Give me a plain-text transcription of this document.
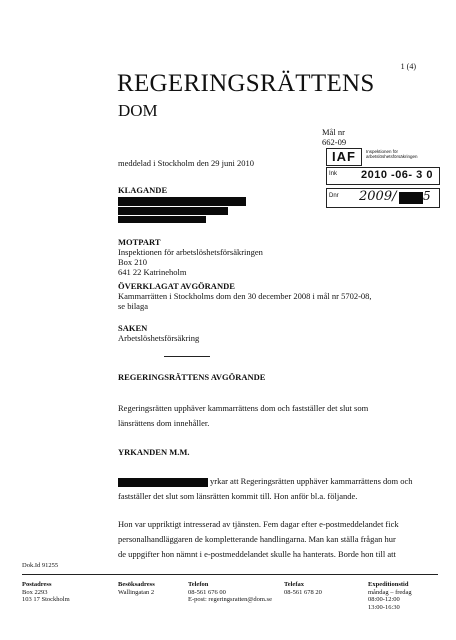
1 (4)
REGERINGSRÄTTENS
DOM
Mål nr
662-09
meddelad i Stockholm den 29 juni 2010	IAF	Inspektionen för arbetslöshetsförsäkringen
Ink 2010 -06- 3 0
Dnr 2009/ 5
KLAGANDE
MOTPART
Inspektionen för arbetslöshetsförsäkringen
Box 210
641 22 Katrineholm
ÖVERKLAGAT AVGÖRANDE
Kammarrätten i Stockholms dom den 30 december 2008 i mål nr 5702-08,
se bilaga
SAKEN
Arbetslöshetsförsäkring
REGERINGSRÄTTENS AVGÖRANDE
Regeringsrätten upphäver kammarrättens dom och fastställer det slut som
länsrättens dom innehåller.
YRKANDEN M.M.
yrkar att Regeringsrätten upphäver kammarrättens dom och
fastställer det slut som länsrätten kommit till. Hon anför bl.a. följande.
Hon var uppriktigt intresserad av tjänsten. Fem dagar efter e-postmeddelandet fick
personalhandläggaren de kompletterande handlingarna. Man kan ställa frågan hur
de uppgifter hon nämnt i e-postmeddelandet skulle ha hanterats. Borde hon till att
Dok.Id 91255
Postadress
Box 2293
103 17 Stockholm
Besöksadress
Wallingatan 2
Telefon
08-561 676 00
E-post: regeringsratten@dom.se
Telefax
08-561 678 20
Expeditionstid
måndag – fredag
08:00-12:00
13:00-16:30
